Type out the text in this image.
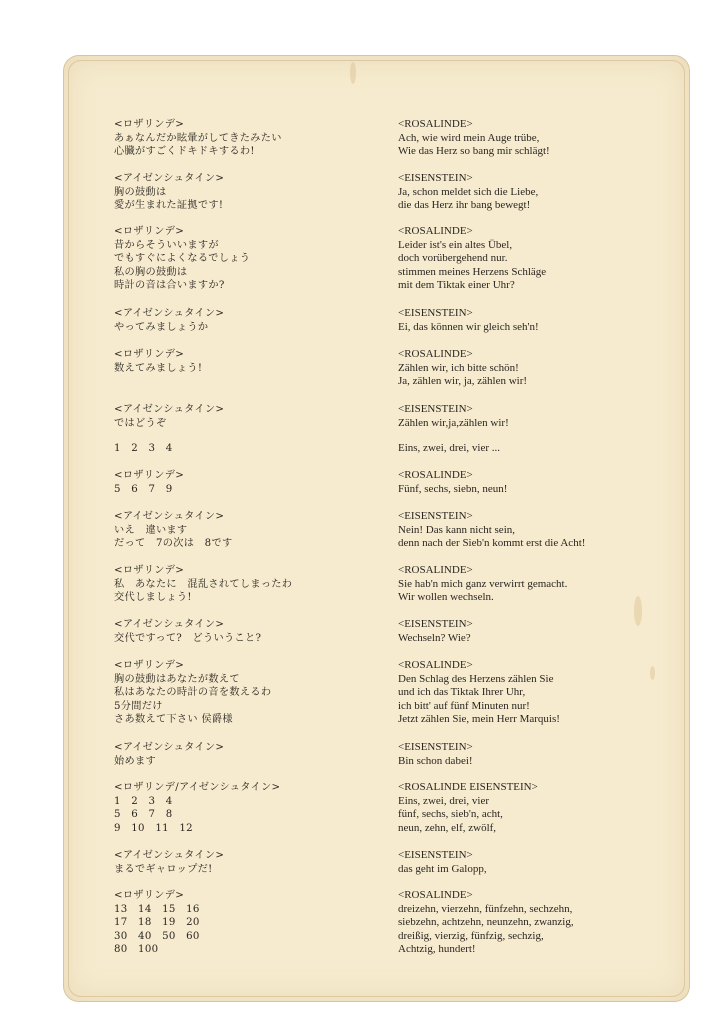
<ロザリンデ>
あぁなんだか眩暈がしてきたみたい
心臓がすごくドキドキするわ!
<アイゼンシュタイン>
胸の鼓動は
愛が生まれた証拠です!
<ロザリンデ>
昔からそういいますが
でもすぐによくなるでしょう
私の胸の鼓動は
時計の音は合いますか?
<アイゼンシュタイン>
やってみましょうか
<ロザリンデ>
数えてみましょう!
<アイゼンシュタイン>
ではどうぞ
1　2　3　4
<ロザリンデ>
5　6　7　9
<アイゼンシュタイン>
いえ　違います
だって　7の次は　8です
<ロザリンデ>
私　あなたに　混乱されてしまったわ
交代しましょう!
<アイゼンシュタイン>
交代ですって?　どういうこと?
<ロザリンデ>
胸の鼓動はあなたが数えて
私はあなたの時計の音を数えるわ
5分間だけ
さあ数えて下さい 侯爵様
<アイゼンシュタイン>
始めます
<ロザリンデ/アイゼンシュタイン>
1　2　3　4
5　6　7　8
9　10　11　12
<アイゼンシュタイン>
まるでギャロップだ!
<ロザリンデ>
13　14　15　16
17　18　19　20
30　40　50　60
80　100
<ROSALINDE>
Ach, wie wird mein Auge trübe,
Wie das Herz so bang mir schlägt!
<EISENSTEIN>
Ja, schon meldet sich die Liebe,
die das Herz ihr bang bewegt!
<ROSALINDE>
Leider ist's ein altes Übel,
doch vorübergehend nur.
stimmen meines Herzens Schläge
mit dem Tiktak einer Uhr?
<EISENSTEIN>
Ei, das können wir gleich seh'n!
<ROSALINDE>
Zählen wir, ich bitte schön!
Ja, zählen wir, ja, zählen wir!
<EISENSTEIN>
Zählen wir,ja,zählen wir!
Eins, zwei, drei, vier ...
<ROSALINDE>
Fünf, sechs, siebn, neun!
<EISENSTEIN>
Nein! Das kann nicht sein,
denn nach der Sieb'n kommt erst die Acht!
<ROSALINDE>
Sie hab'n mich ganz verwirrt gemacht.
Wir wollen wechseln.
<EISENSTEIN>
Wechseln? Wie?
<ROSALINDE>
Den Schlag des Herzens zählen Sie
und ich das Tiktak Ihrer Uhr,
ich bitt' auf fünf Minuten nur!
Jetzt zählen Sie, mein Herr Marquis!
<EISENSTEIN>
Bin schon dabei!
<ROSALINDE EISENSTEIN>
Eins, zwei, drei, vier
fünf, sechs, sieb'n, acht,
neun, zehn, elf, zwölf,
<EISENSTEIN>
das geht im Galopp,
<ROSALINDE>
dreizehn, vierzehn, fünfzehn, sechzehn,
siebzehn, achtzehn, neunzehn, zwanzig,
dreißig, vierzig, fünfzig, sechzig,
Achtzig, hundert!
